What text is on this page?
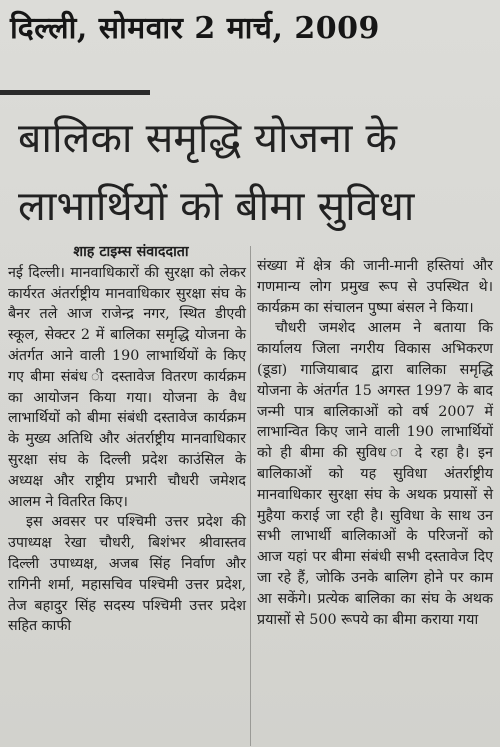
दिल्ली, सोमवार 2 मार्च, 2009
बालिका समृद्धि योजना के लाभार्थियों को बीमा सुविधा
शाह टाइम्स संवाददाता

नई दिल्ली। मानवाधिकारों की सुरक्षा को लेकर कार्यरत अंतर्राष्ट्रीय मानवाधिकार सुरक्षा संघ के बैनर तले आज राजेन्द्र नगर, स्थित डीएवी स्कूल, सेक्टर 2 में बालिका समृद्धि योजना के अंतर्गत आने वाली 190 लाभार्थियों के किए गए बीमा संबंध ी दस्तावेज वितरण कार्यक्रम का आयोजन किया गया। योजना के वैध लाभार्थियों को बीमा संबंधी दस्तावेज कार्यक्रम के मुख्य अतिथि और अंतर्राष्ट्रीय मानवाधिकार सुरक्षा संघ के दिल्ली प्रदेश काउंसिल के अध्यक्ष और राष्ट्रीय प्रभारी चौधरी जमेशद आलम ने वितरित किए।

इस अवसर पर पश्चिमी उत्तर प्रदेश की उपाध्यक्ष रेखा चौधरी, बिशंभर श्रीवास्तव दिल्ली उपाध्यक्ष, अजब सिंह निर्वाण और रागिनी शर्मा, महासचिव पश्चिमी उत्तर प्रदेश, तेज बहादुर सिंह सदस्य पश्चिमी उत्तर प्रदेश सहित काफी

संख्या में क्षेत्र की जानी-मानी हस्तियां और गणमान्य लोग प्रमुख रूप से उपस्थित थे। कार्यक्रम का संचालन पुष्पा बंसल ने किया।

चौधरी जमशेद आलम ने बताया कि कार्यालय जिला नगरीय विकास अभिकरण (डूडा) गाजियाबाद द्वारा बालिका समृद्धि योजना के अंतर्गत 15 अगस्त 1997 के बाद जन्मी पात्र बालिकाओं को वर्ष 2007 में लाभान्वित किए जाने वाली 190 लाभार्थियों को ही बीमा की सुविध ा दे रहा है। इन बालिकाओं को यह सुविधा अंतर्राष्ट्रीय मानवाधिकार सुरक्षा संघ के अथक प्रयासों से मुहैया कराई जा रही है। सुविधा के साथ उन सभी लाभार्थी बालिकाओं के परिजनों को आज यहां पर बीमा संबंधी सभी दस्तावेज दिए जा रहे हैं, जोकि उनके बालिग होने पर काम आ सकेंगे। प्रत्येक बालिका का संघ के अथक प्रयासों से 500 रूपये का बीमा कराया गया
